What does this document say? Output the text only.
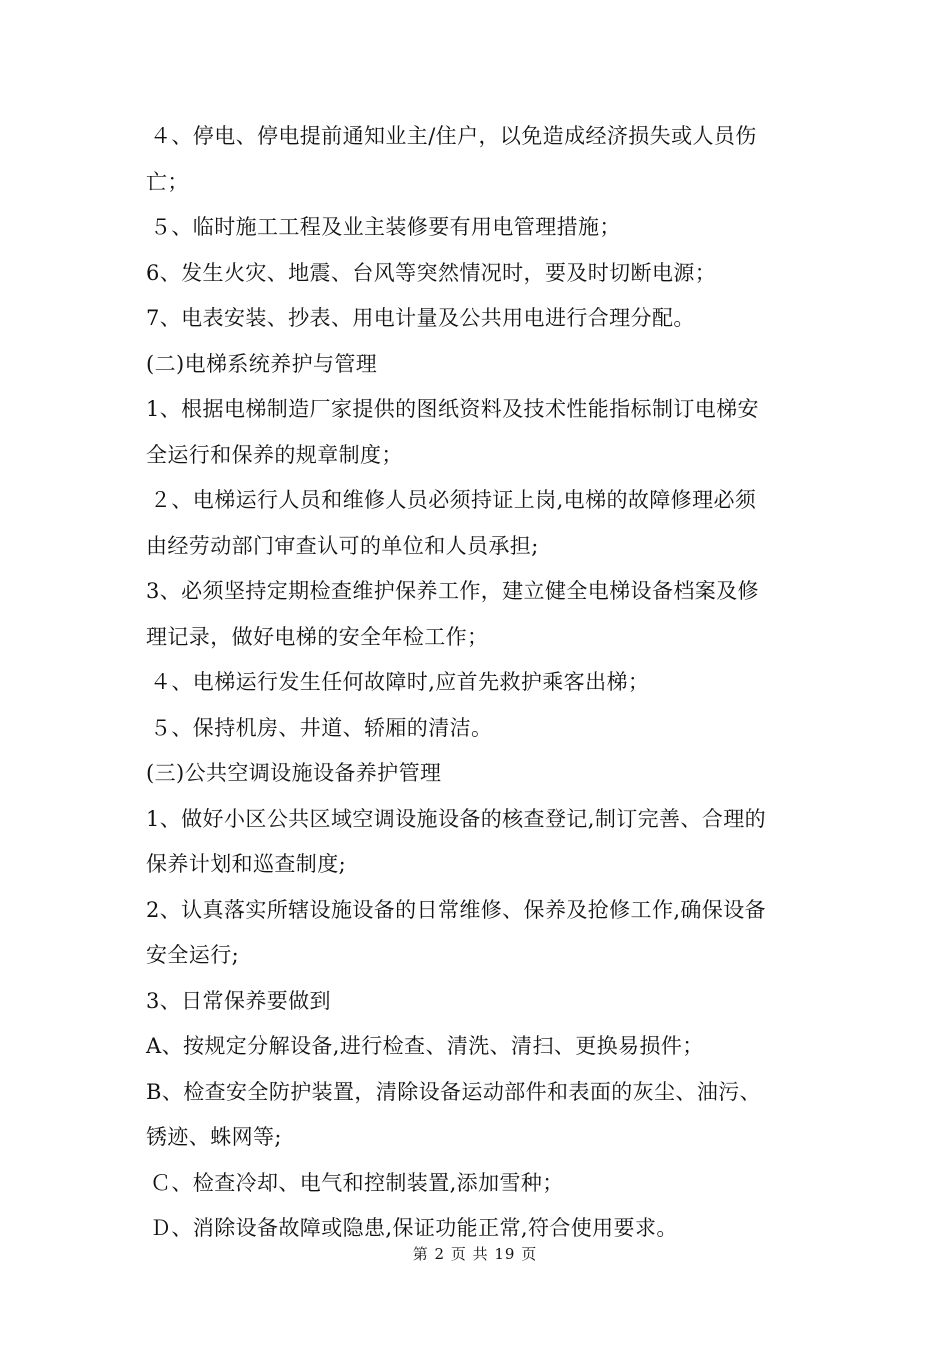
４、停电、停电提前通知业主/住户，以免造成经济损失或人员伤
亡；
５、临时施工工程及业主装修要有用电管理措施；
6、发生火灾、地震、台风等突然情况时，要及时切断电源；
7、电表安装、抄表、用电计量及公共用电进行合理分配。
(二)电梯系统养护与管理
1、根据电梯制造厂家提供的图纸资料及技术性能指标制订电梯安
全运行和保养的规章制度；
２、电梯运行人员和维修人员必须持证上岗,电梯的故障修理必须
由经劳动部门审查认可的单位和人员承担;
3、必须坚持定期检查维护保养工作，建立健全电梯设备档案及修
理记录，做好电梯的安全年检工作；
４、电梯运行发生任何故障时,应首先救护乘客出梯；
５、保持机房、井道、轿厢的清洁。
(三)公共空调设施设备养护管理
1、做好小区公共区域空调设施设备的核查登记,制订完善、合理的
保养计划和巡查制度;
2、认真落实所辖设施设备的日常维修、保养及抢修工作,确保设备
安全运行;
3、日常保养要做到
A、按规定分解设备,进行检查、清洗、清扫、更换易损件；
B、检查安全防护装置，清除设备运动部件和表面的灰尘、油污、
锈迹、蛛网等;
Ｃ、检查冷却、电气和控制装置,添加雪种；
Ｄ、消除设备故障或隐患,保证功能正常,符合使用要求。
第 2 页 共 19 页
